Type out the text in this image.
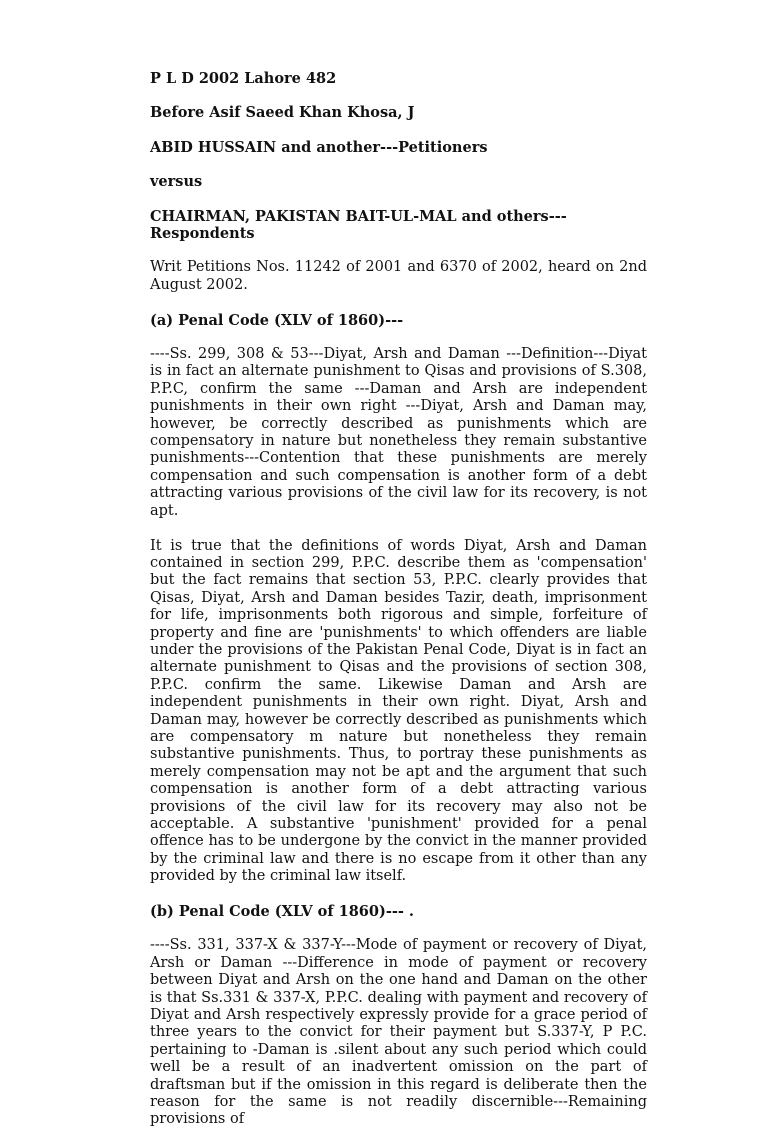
P L D 2002 Lahore 482

Before Asif Saeed Khan Khosa, J

ABID HUSSAIN and another---Petitioners

versus

CHAIRMAN, PAKISTAN BAIT-UL-MAL and others---Respondents

Writ Petitions Nos. 11242 of 2001 and 6370 of 2002, heard on 2nd August 2002.

(a) Penal Code (XLV of 1860)---

----Ss. 299, 308 & 53---Diyat, Arsh and Daman ---Definition---Diyat is in fact an alternate punishment to Qisas and provisions of S.308, P.P.C, confirm the same ---Daman and Arsh are independent punishments in their own right ---Diyat, Arsh and Daman may, however, be correctly described as punishments which are compensatory in nature but nonetheless they remain substantive punishments---Contention that these punishments are merely compensation and such compensation is another form of a debt attracting various provisions of the civil law for its recovery, is not apt.

It is true that the definitions of words Diyat, Arsh and Daman contained in section 299, P.P.C. describe them as 'compensation' but the fact remains that section 53, P.P.C. clearly provides that Qisas, Diyat, Arsh and Daman besides Tazir, death, imprisonment for life, imprisonments both rigorous and simple, forfeiture of property and fine are 'punishments' to which offenders are liable under the provisions of the Pakistan Penal Code, Diyat is in fact an alternate punishment to Qisas and the provisions of section 308, P.P.C. confirm the same. Likewise Daman and Arsh are independent punishments in their own right. Diyat, Arsh and Daman may, however be correctly described as punishments which are compensatory m nature but nonetheless they remain substantive punishments. Thus, to portray these punishments as merely compensation may not be apt and the argument that such compensation is another form of a debt attracting various provisions of the civil law for its recovery may also not be acceptable. A substantive 'punishment' provided for a penal offence has to be undergone by the convict in the manner provided by the criminal law and there is no escape from it other than any provided by the criminal law itself.

(b) Penal Code (XLV of 1860)--- .

----Ss. 331, 337-X & 337-Y---Mode of payment or recovery of Diyat, Arsh or Daman ---Difference in mode of payment or recovery between Diyat and Arsh on the one hand and Daman on the other is that Ss.331 & 337-X, P.P.C. dealing with payment and recovery of Diyat and Arsh respectively expressly provide for a grace period of three years to the convict for their payment but S.337-Y, P P.C. pertaining to -Daman is .silent about any such period which could well be a result of an inadvertent omission on the part of draftsman but if the omission in this regard is deliberate then the reason for the same is not readily discernible---Remaining provisions of
